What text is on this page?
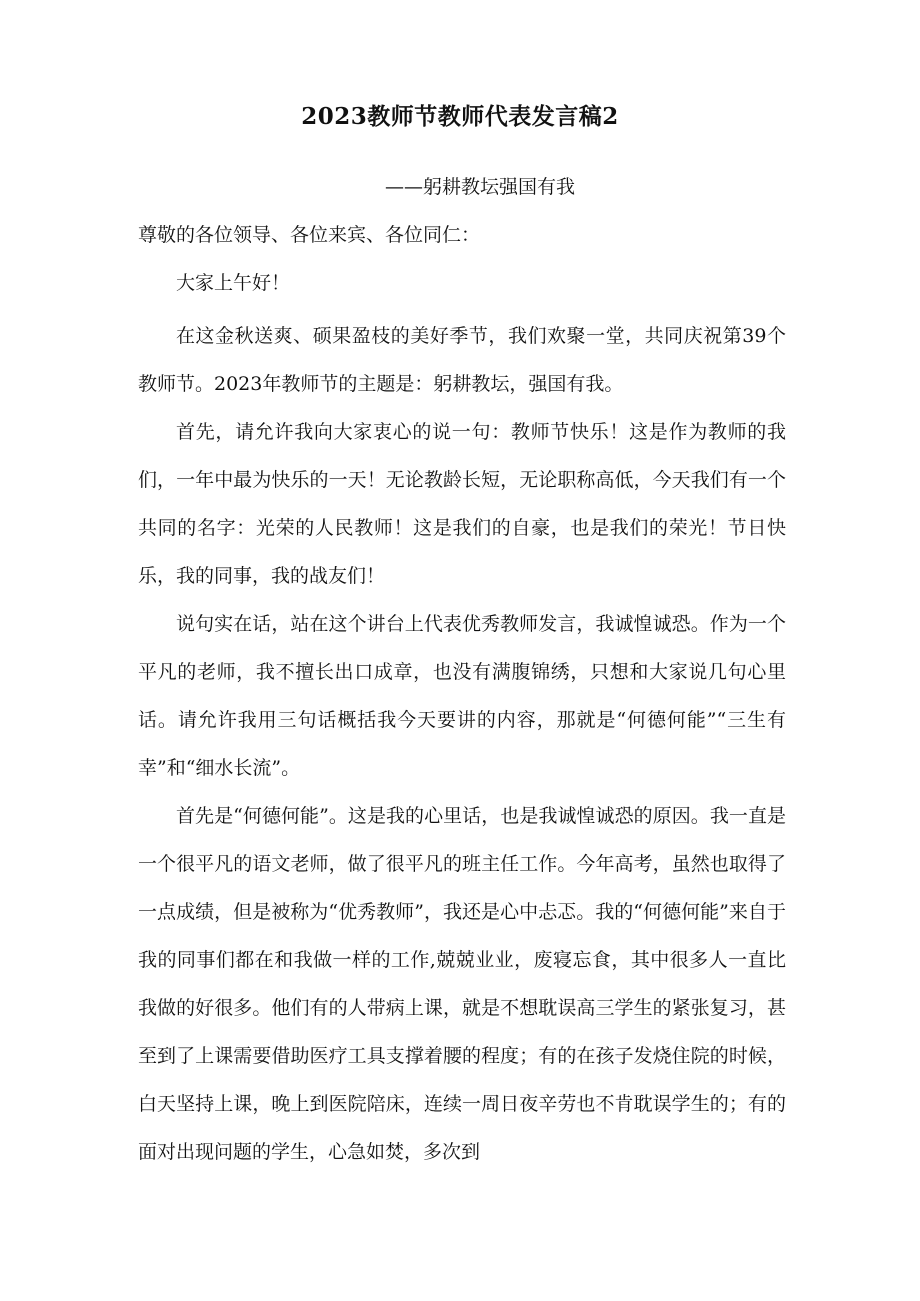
2023教师节教师代表发言稿2
——躬耕教坛强国有我

尊敬的各位领导、各位来宾、各位同仁：

大家上午好！

在这金秋送爽、硕果盈枝的美好季节，我们欢聚一堂，共同庆祝第39个教师节。2023年教师节的主题是：躬耕教坛，强国有我。

首先，请允许我向大家衷心的说一句：教师节快乐！这是作为教师的我们，一年中最为快乐的一天！无论教龄长短，无论职称高低，今天我们有一个共同的名字：光荣的人民教师！这是我们的自豪，也是我们的荣光！节日快乐，我的同事，我的战友们！

说句实在话，站在这个讲台上代表优秀教师发言，我诚惶诚恐。作为一个平凡的老师，我不擅长出口成章，也没有满腹锦绣，只想和大家说几句心里话。请允许我用三句话概括我今天要讲的内容，那就是“何德何能”“三生有幸”和“细水长流”。

首先是“何德何能”。这是我的心里话，也是我诚惶诚恐的原因。我一直是一个很平凡的语文老师，做了很平凡的班主任工作。今年高考，虽然也取得了一点成绩，但是被称为“优秀教师”，我还是心中忐忑。我的“何德何能”来自于我的同事们都在和我做一样的工作,兢兢业业，废寝忘食，其中很多人一直比我做的好很多。他们有的人带病上课，就是不想耽误高三学生的紧张复习，甚至到了上课需要借助医疗工具支撑着腰的程度；有的在孩子发烧住院的时候，白天坚持上课，晚上到医院陪床，连续一周日夜辛劳也不肯耽误学生的；有的面对出现问题的学生，心急如焚，多次到
